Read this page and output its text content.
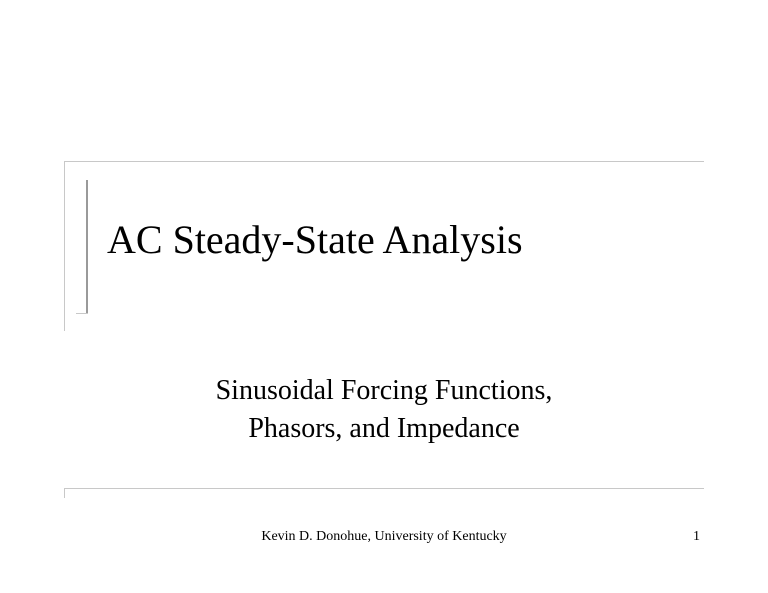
AC Steady-State Analysis
Sinusoidal Forcing Functions,
Phasors, and Impedance
Kevin D. Donohue, University of Kentucky	1
